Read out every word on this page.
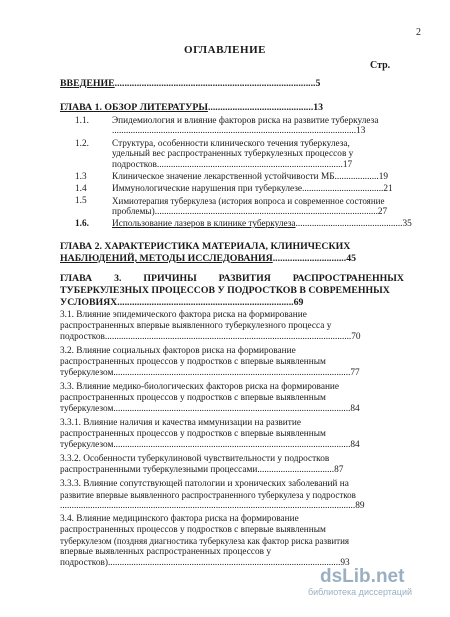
2
ОГЛАВЛЕНИЕ
Стр.
ВВЕДЕНИЕ..................................................................................5
ГЛАВА 1. ОБЗОР ЛИТЕРАТУРЫ...........................................13
1.1. Эпидемиология и влияние факторов риска на развитие туберкулеза
.........................................................................................................13
1.2. Структура, особенности клинического течения туберкулеза,
удельный вес распространенных туберкулезных процессов у
подростков................................................................................17
1.3	Клиническое значение лекарственной устойчивости МБ...................19
1.4	Иммунологические нарушения при туберкулезе...................................21
1.5	Химиотерапия туберкулеза (история вопроса и современное состояние
проблемы)................................................................................................27
1.6. Использование лазеров в клинике туберкулеза..............................................35
ГЛАВА 2. ХАРАКТЕРИСТИКА МАТЕРИАЛА, КЛИНИЧЕСКИХ
НАБЛЮДЕНИЙ, МЕТОДЫ ИССЛЕДОВАНИЯ..............................45
ГЛАВА 3. ПРИЧИНЫ РАЗВИТИЯ РАСПРОСТРАНЕННЫХ
ТУБЕРКУЛЕЗНЫХ ПРОЦЕССОВ У ПОДРОСТКОВ В СОВРЕМЕННЫХ
УСЛОВИЯХ........................................................................69
3.1. Влияние эпидемического фактора риска на формирование
распространенных впервые выявленного туберкулезного процесса у
подростков..........................................................................................................70
3.2. Влияние социальных факторов риска на формирование
распространенных процессов у подростков с впервые выявленным
туберкулезом......................................................................................................77
3.3. Влияние медико-биологических факторов риска на формирование
распространенных процессов у подростков с впервые выявленным
туберкулезом......................................................................................................84
3.3.1. Влияние наличия и качества иммунизации на развитие
распространенных процессов у подростков с впервые выявленным
туберкулезом......................................................................................................84
3.3.2. Особенности туберкулиновой чувствительности у подростков
распространенными туберкулезными процессами.................................87
3.3.3. Влияние сопутствующей патологии и хронических заболеваний на
развитие впервые выявленного распространенного туберкулеза у подростков
...............................................................................................................................89
3.4. Влияние медицинского фактора риска на формирование
распространенных процессов у подростков с впервые выявленным
туберкулезом (поздняя диагностика туберкулеза как фактор риска развития
впервые выявленных распространенных процессов у
подростков)....................................................................................................93
dsLib.net
библиотека диссертаций
